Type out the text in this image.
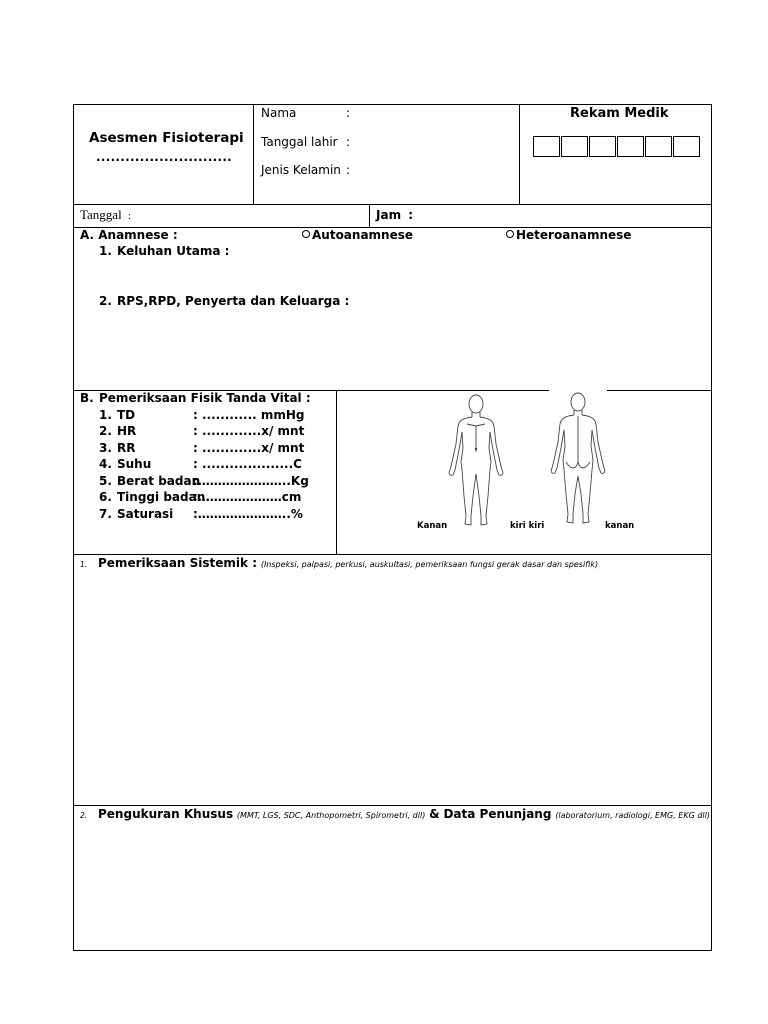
Asesmen Fisioterapi
............................
Nama	:
Tanggal lahir :
Jenis Kelamin :
Rekam Medik
Tanggal :	Jam :
A. Anamnese :	Autoanamnese	Heteroanamnese
1. Keluhan Utama :
2. RPS,RPD, Penyerta dan Keluarga :
B. Pemeriksaan Fisik Tanda Vital :
1. TD	: ............ mmHg
2. HR	: .............x/ mnt
3. RR	: .............x/ mnt
4. Suhu	: ....................C
5. Berat badan:…………………..Kg
6. Tinggi badan:…………………cm
7. Saturasi :…………………..%
Kanan	kiri kiri	kanan
1. Pemeriksaan Sistemik : (Inspeksi, palpasi, perkusi, auskultasi, pemeriksaan fungsi gerak dasar dan spesifik)
2. Pengukuran Khusus (MMT, LGS, SDC, Anthopometri, Spirometri, dll) & Data Penunjang (laboratorium, radiologi, EMG, EKG dll)
